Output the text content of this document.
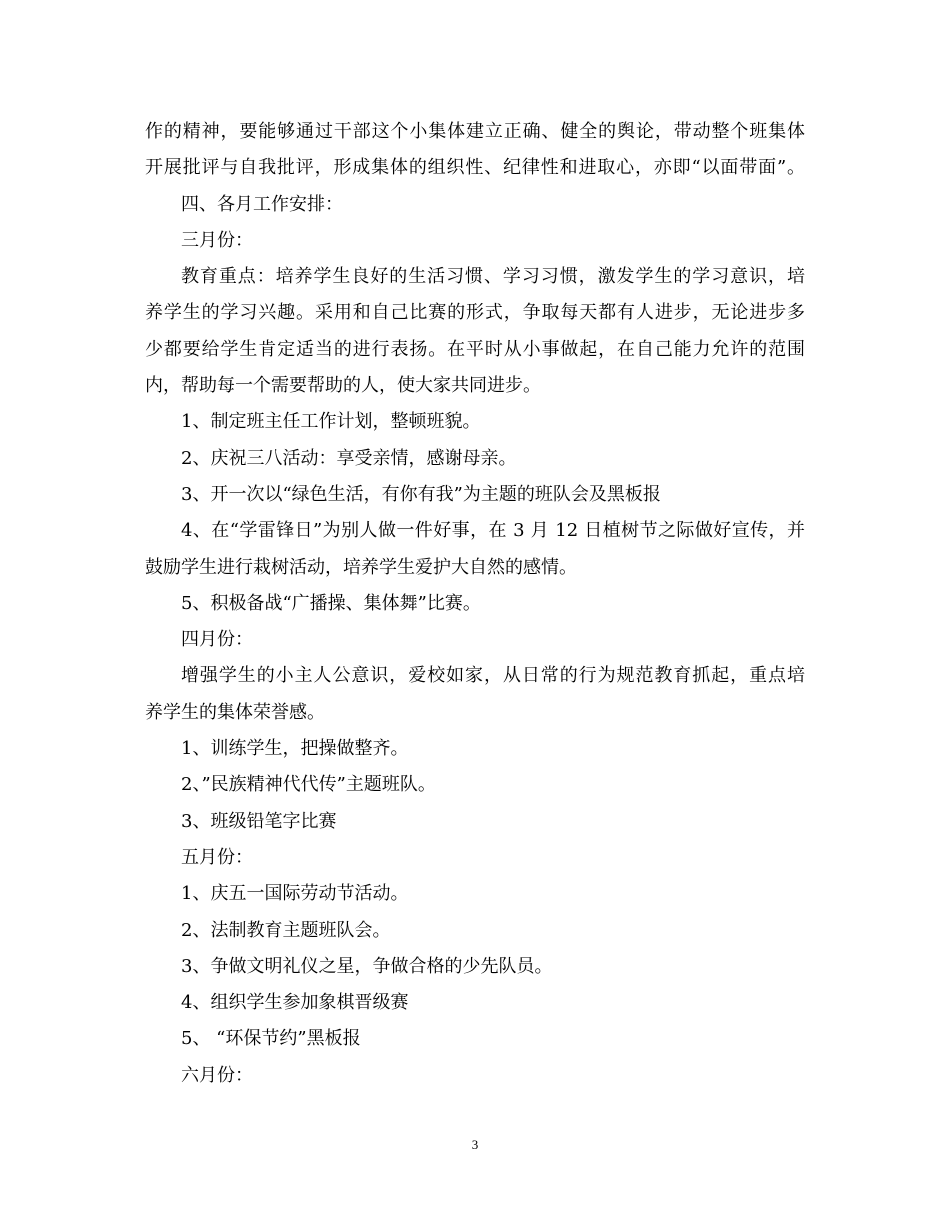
作的精神，要能够通过干部这个小集体建立正确、健全的舆论，带动整个班集体

开展批评与自我批评，形成集体的组织性、纪律性和进取心，亦即“以面带面”。

四、各月工作安排：

三月份：

教育重点：培养学生良好的生活习惯、学习习惯，激发学生的学习意识，培

养学生的学习兴趣。采用和自己比赛的形式，争取每天都有人进步，无论进步多

少都要给学生肯定适当的进行表扬。在平时从小事做起，在自己能力允许的范围

内，帮助每一个需要帮助的人，使大家共同进步。

1、制定班主任工作计划，整顿班貌。

2、庆祝三八活动：享受亲情，感谢母亲。

3、开一次以“绿色生活，有你有我”为主题的班队会及黑板报

4、在“学雷锋日”为别人做一件好事，在 3 月 12 日植树节之际做好宣传，并

鼓励学生进行栽树活动，培养学生爱护大自然的感情。

5、积极备战“广播操、集体舞”比赛。

四月份：

增强学生的小主人公意识，爱校如家，从日常的行为规范教育抓起，重点培

养学生的集体荣誉感。

1、训练学生，把操做整齐。

2、”民族精神代代传”主题班队。

3、班级铅笔字比赛

五月份：

1、庆五一国际劳动节活动。

2、法制教育主题班队会。

3、争做文明礼仪之星，争做合格的少先队员。

4、组织学生参加象棋晋级赛

5、 “环保节约”黑板报

六月份：

3
